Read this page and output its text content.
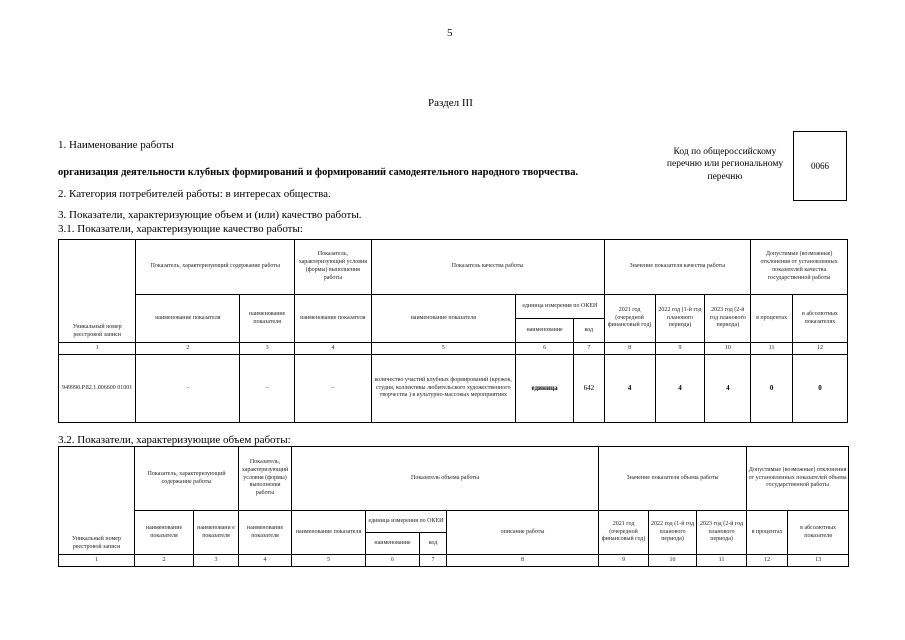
5
Раздел III
1. Наименование работы
организация деятельности клубных формирований и формирований самодеятельного народного творчества.
Код по общероссийскому перечню или региональному перечню
0066
2. Категория потребителей работы: в интересах общества.
3. Показатели, характеризующие объем и (или) качество работы.
3.1. Показатели, характеризующие качество работы:
Уникальный номер реестровой записи	Показатель, характеризующий содержание работы		Показатель, характеризующий условия (формы) выполнения работы	Показатель качества работы			Значение показателя качества работы			Допустимые (возможные) отклонения от установленных показателей качества государственной работы	
	наименование показателя	наименование показателя	наименование показателя	наименование показателя	единица измерения по ОКЕИ		2021 год (очередной финансовый год)	2022 год (1-й год планового периода)	2023 год (2-й год планового периода)	в процентах	в абсолютных показателях
					наименование	код					
1	2	3	4	5	6	7	8	9	10	11	12
949990.Р.82.1.006600 01001	-	–	–	количество участий клубных формирований (кружок, студия, коллективы любительского художественного творчества ) в культурно-массовых мероприятиях	единица	642	4	4	4	0	0
3.2. Показатели, характеризующие объем работы:
Уникальный номер реестровой записи	Показатель, характеризующий содержание работы		Показатель, характеризующий условия (формы) выполнения работы	Показатель объема работы				Значение показателя объема работы			Допустимые (возможные) отклонения от установленных показателей объема государственной работы	
	наименование показателя	наименовани е показателя	наименование показателя	наименование показателя	единица измерения по ОКЕИ		описание работы	2021 год (очередной финансовый год)	2022 год (1-й год планового периода)	2023 год (2-й год планового периода)	в процентах	в абсолютных показателя
					наименование	код						
1	2	3	4	5	6	7	8	9	10	11	12	13
